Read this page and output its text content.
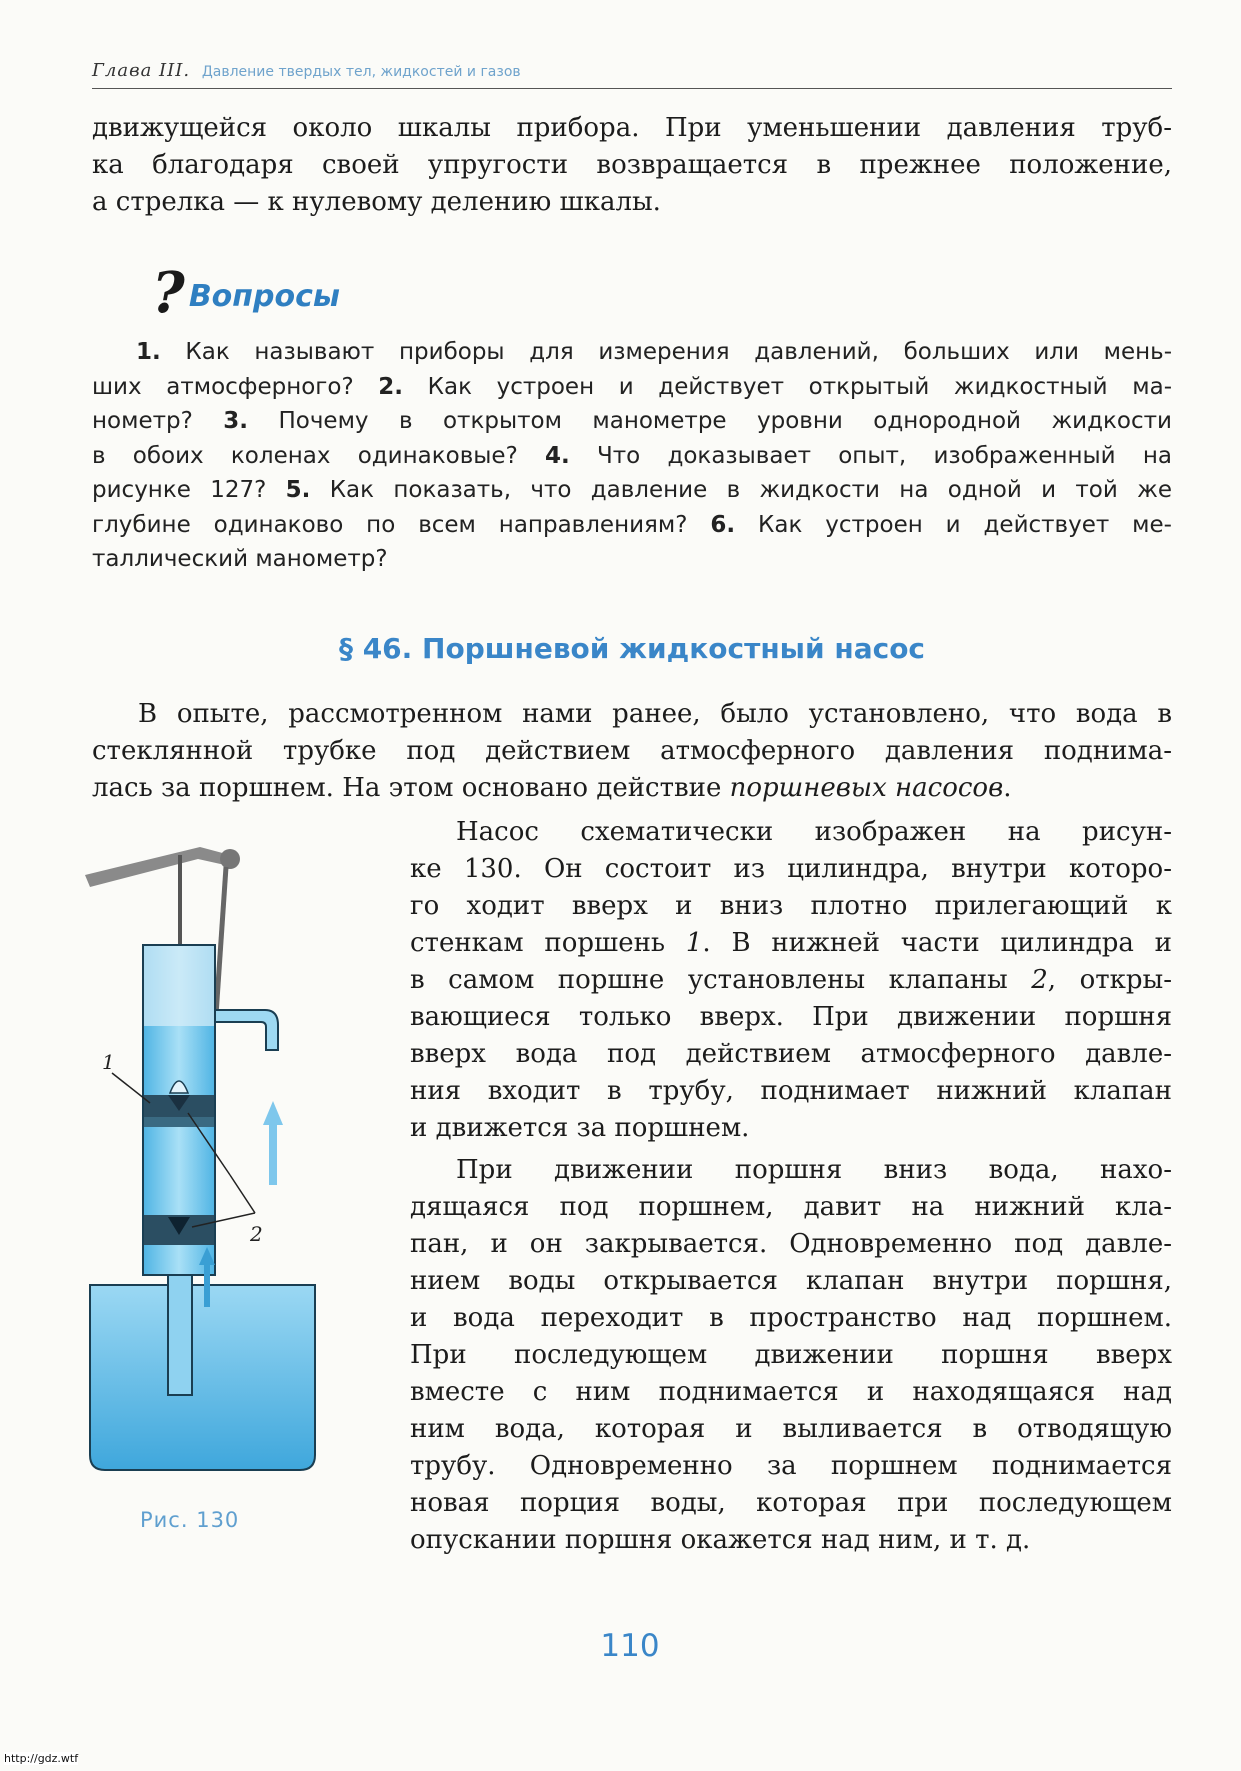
Глава III. Давление твердых тел, жидкостей и газов
движущейся около шкалы прибора. При уменьшении давления труб-
ка благодаря своей упругости возвращается в прежнее положение,
а стрелка — к нулевому делению шкалы.
? Вопросы
1. Как называют приборы для измерения давлений, больших или мень-
ших атмосферного? 2. Как устроен и действует открытый жидкостный ма-
нометр? 3. Почему в открытом манометре уровни однородной жидкости
в обоих коленах одинаковые? 4. Что доказывает опыт, изображенный на
рисунке 127? 5. Как показать, что давление в жидкости на одной и той же
глубине одинаково по всем направлениям? 6. Как устроен и действует ме-
таллический манометр?
§ 46. Поршневой жидкостный насос
В опыте, рассмотренном нами ранее, было установлено, что вода в
стеклянной трубке под действием атмосферного давления поднима-
лась за поршнем. На этом основано действие поршневых насосов.
Насос схематически изображен на рисун-
ке 130. Он состоит из цилиндра, внутри которо-
го ходит вверх и вниз плотно прилегающий к
стенкам поршень 1. В нижней части цилиндра и
в самом поршне установлены клапаны 2, откры-
вающиеся только вверх. При движении поршня
вверх вода под действием атмосферного давле-
ния входит в трубу, поднимает нижний клапан
и движется за поршнем.
При движении поршня вниз вода, нахо-
дящаяся под поршнем, давит на нижний кла-
пан, и он закрывается. Одновременно под давле-
нием воды открывается клапан внутри поршня,
и вода переходит в пространство над поршнем.
При последующем движении поршня вверх
вместе с ним поднимается и находящаяся над
ним вода, которая и выливается в отводящую
трубу. Одновременно за поршнем поднимается
новая порция воды, которая при последующем
опускании поршня окажется над ним, и т. д.
1
2
Рис. 130
110
http://gdz.wtf
